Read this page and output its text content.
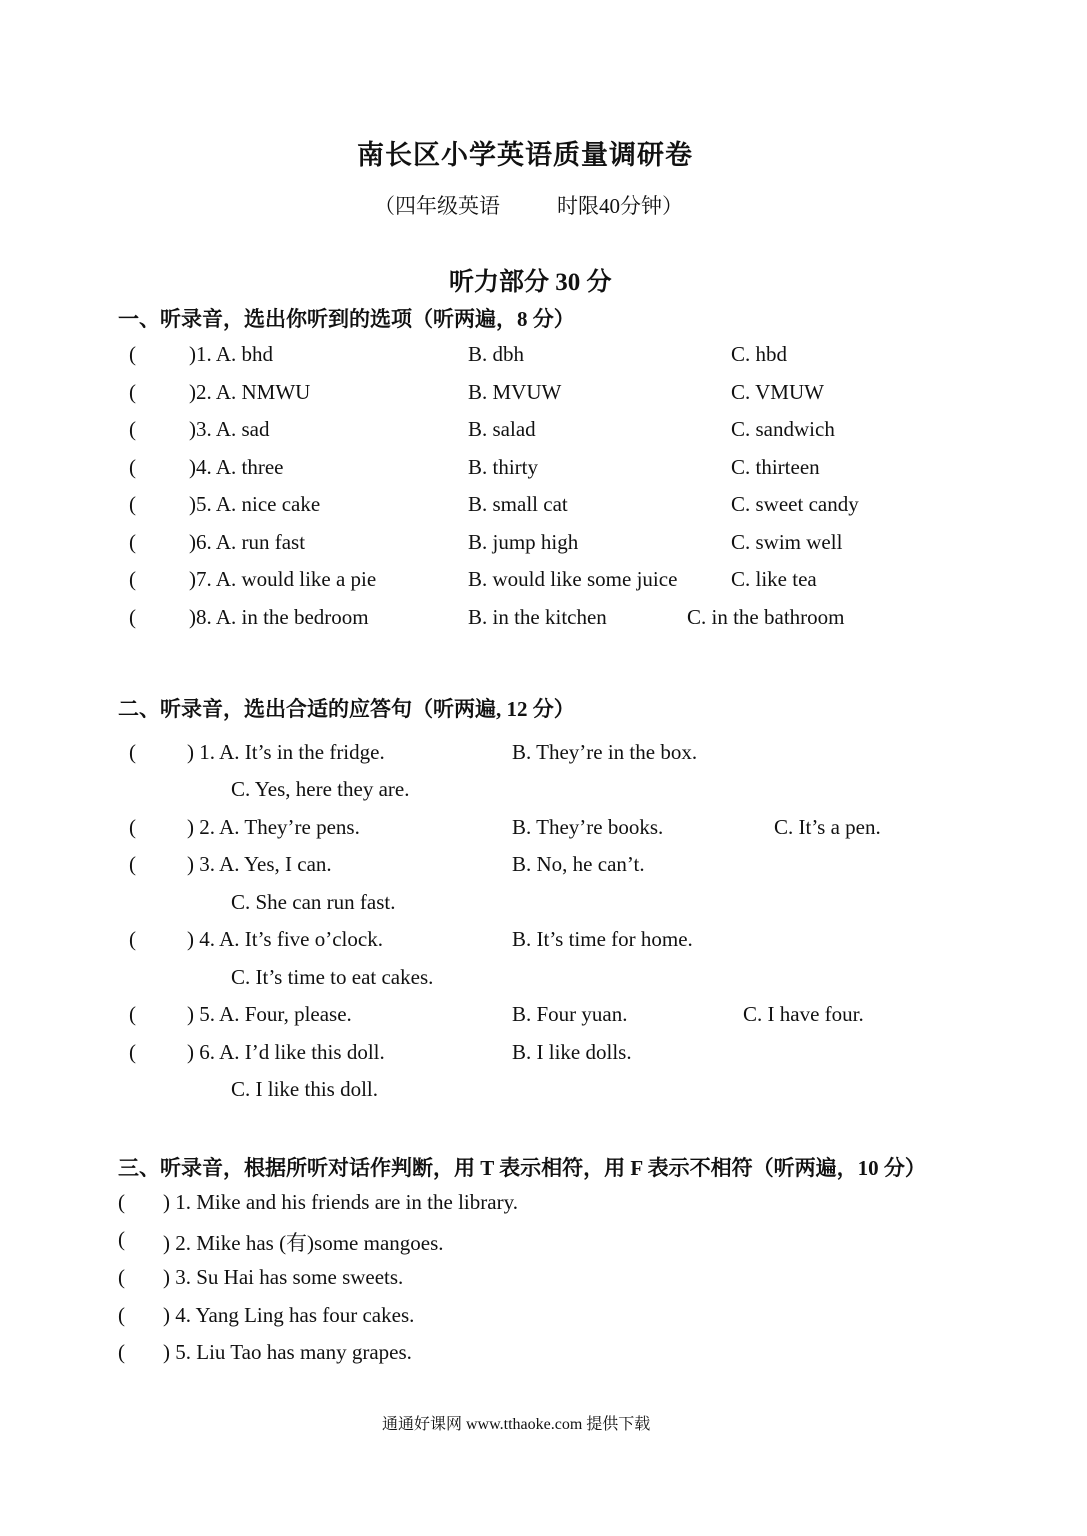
南长区小学英语质量调研卷
（四年级英语	时限40分钟）
听力部分 30 分
一、听录音，选出你听到的选项（听两遍，8 分）
(	)1. A. bhd	B. dbh	C. hbd
(	)2. A. NMWU	B. MVUW	C. VMUW
(	)3. A. sad	B. salad	C. sandwich
(	)4. A. three	B. thirty	C. thirteen
(	)5. A. nice cake	B. small cat	C. sweet candy
(	)6. A. run fast	B. jump high	C. swim well
(	)7. A. would like a pie	B. would like some juice	C. like tea
(	)8. A. in the bedroom	B. in the kitchen	C. in the bathroom
二、听录音，选出合适的应答句（听两遍, 12 分）
( ) 1. A. It’s in the fridge.	B. They’re in the box.
C. Yes, here they are.
( ) 2. A. They’re pens.	B. They’re books.	C. It’s a pen.
( ) 3. A. Yes, I can.	B. No, he can’t.
C. She can run fast.
( ) 4. A. It’s five o’clock.	B. It’s time for home.
C. It’s time to eat cakes.
( ) 5. A. Four, please.	B. Four yuan.	C. I have four.
( ) 6. A. I’d like this doll.	B. I like dolls.
C. I like this doll.
三、听录音，根据所听对话作判断，用 T 表示相符，用 F 表示不相符（听两遍，10 分）
( ) 1. Mike and his friends are in the library.
( ) 2. Mike has (有)some mangoes.
( ) 3. Su Hai has some sweets.
( ) 4. Yang Ling has four cakes.
( ) 5. Liu Tao has many grapes.
通通好课网 www.tthaoke.com 提供下载
